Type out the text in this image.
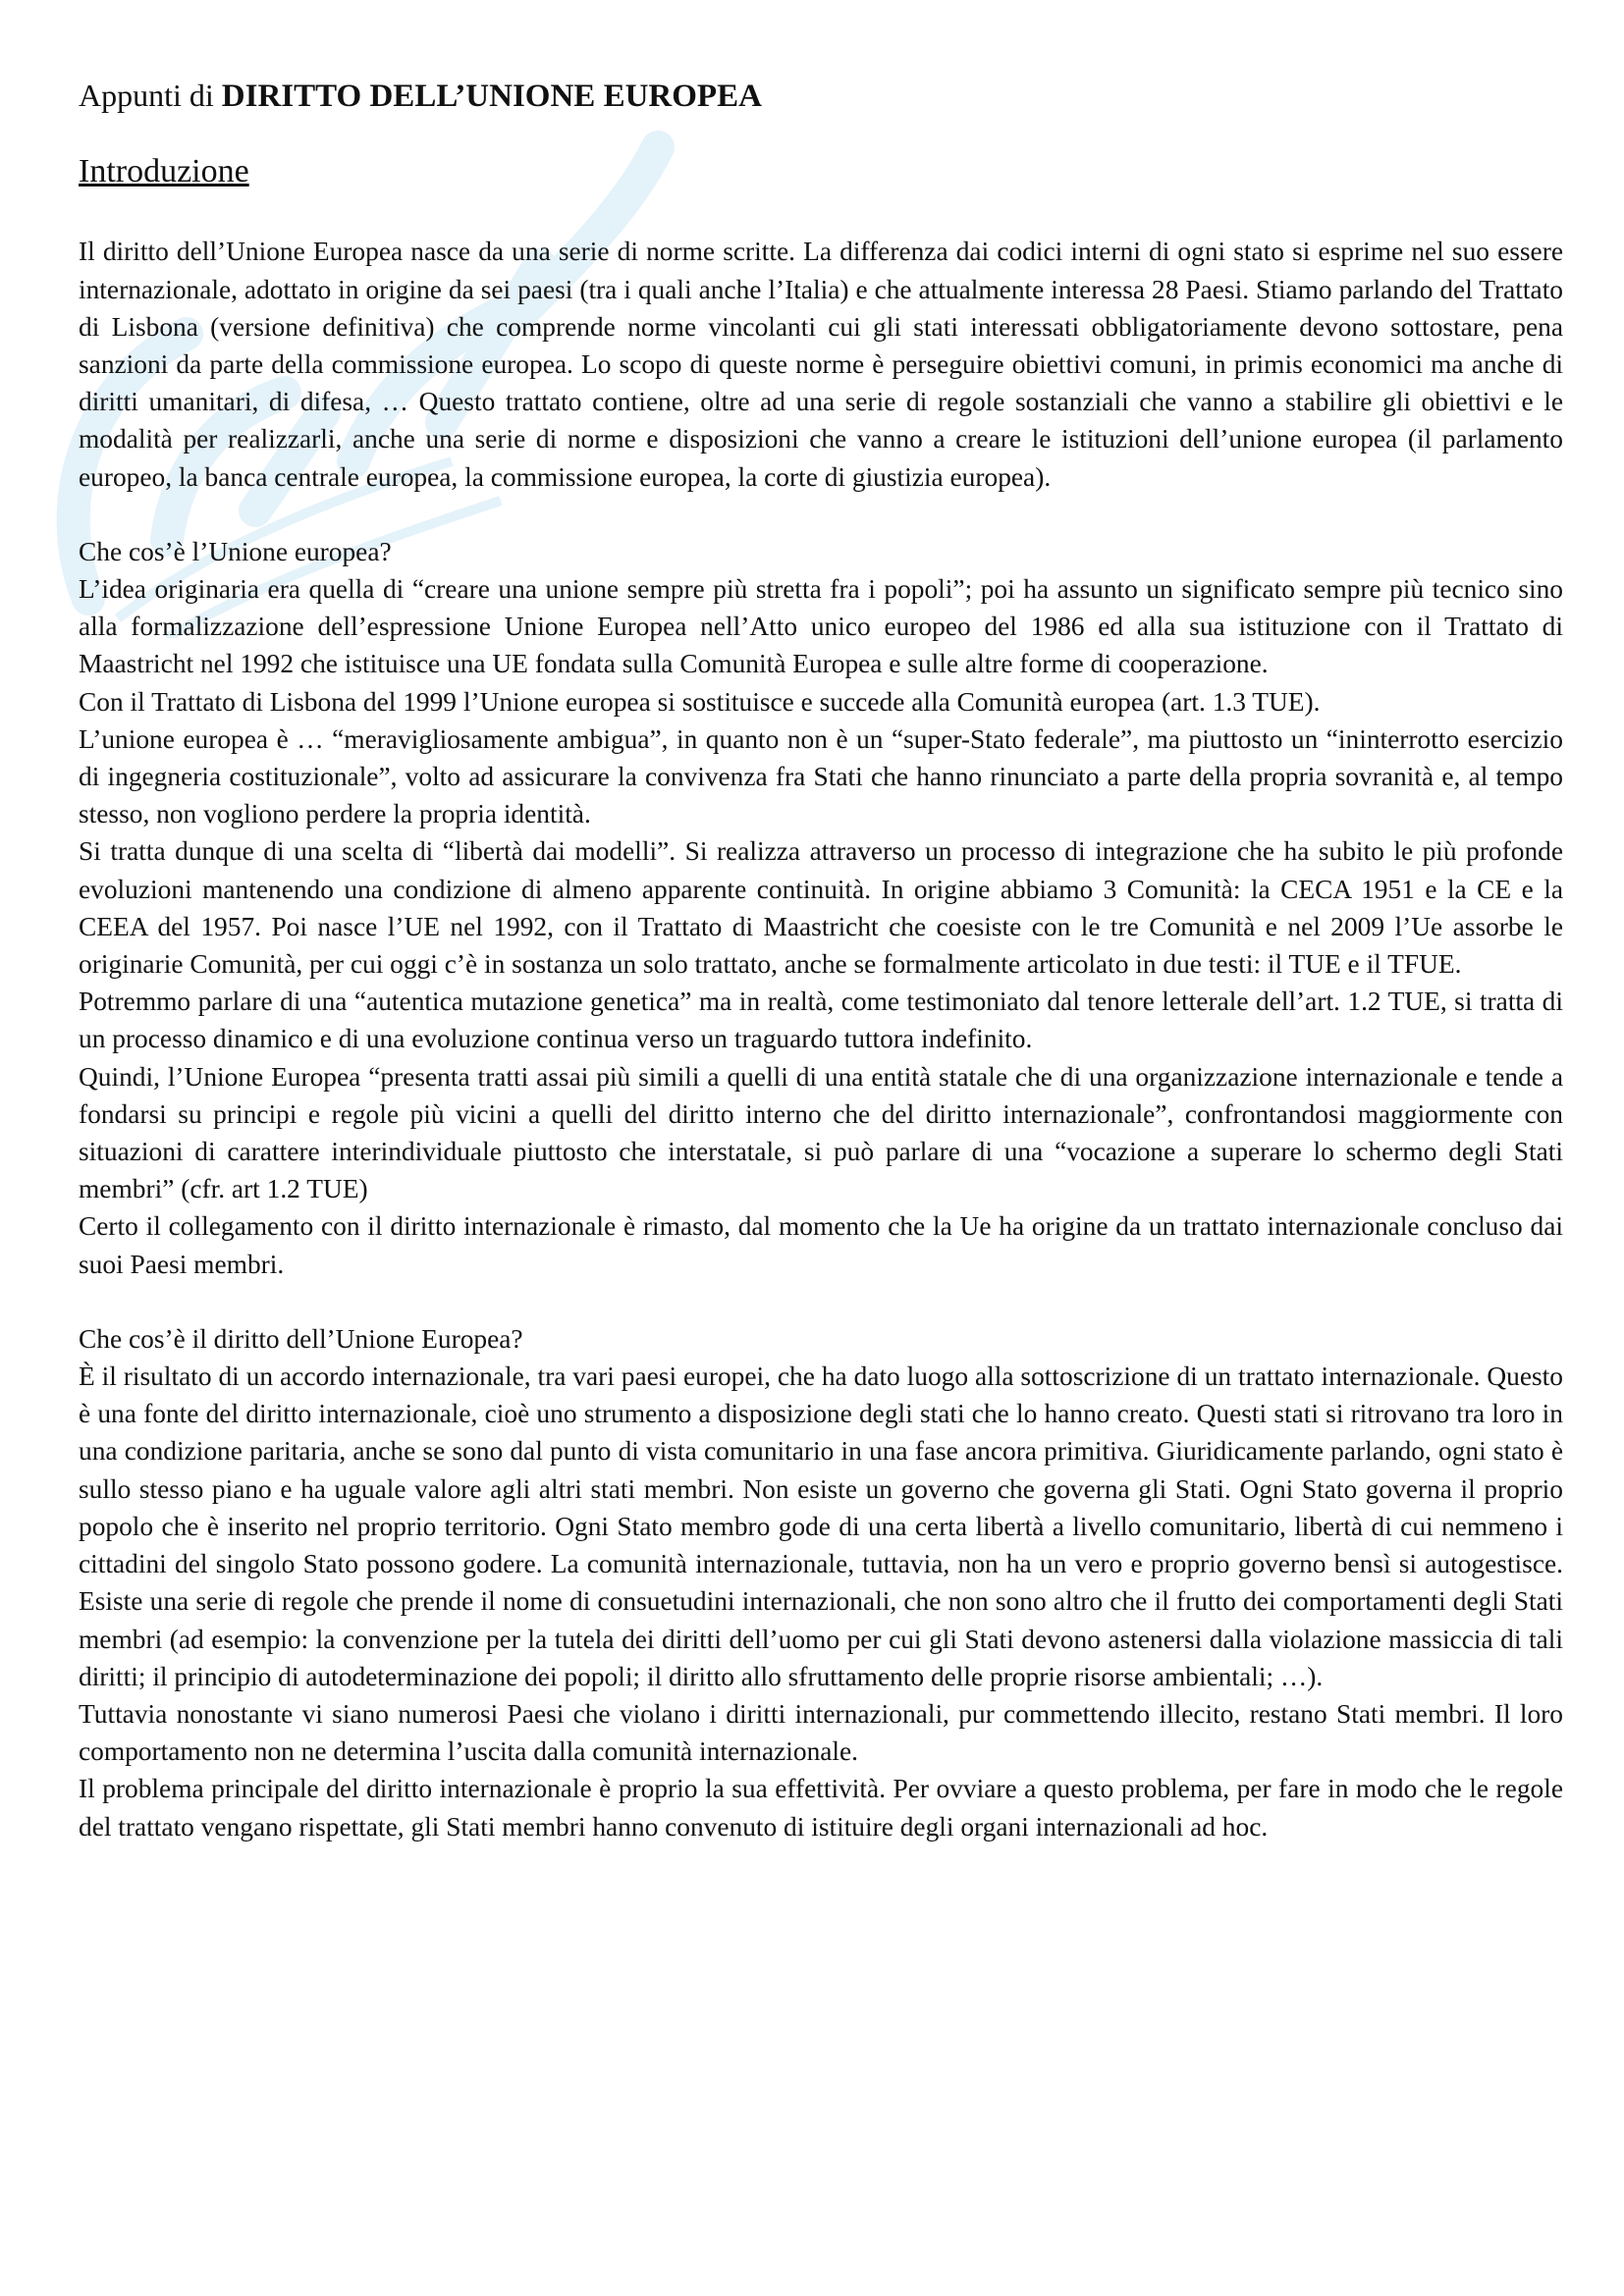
Appunti di DIRITTO DELL’UNIONE EUROPEA
Introduzione

Il diritto dell’Unione Europea nasce da una serie di norme scritte. La differenza dai codici interni di ogni stato si esprime nel suo essere internazionale, adottato in origine da sei paesi (tra i quali anche l’Italia) e che attualmente interessa 28 Paesi. Stiamo parlando del Trattato di Lisbona (versione definitiva) che comprende norme vincolanti cui gli stati interessati obbligatoriamente devono sottostare, pena sanzioni da parte della commissione europea. Lo scopo di queste norme è perseguire obiettivi comuni, in primis economici ma anche di diritti umanitari, di difesa, … Questo trattato contiene, oltre ad una serie di regole sostanziali che vanno a stabilire gli obiettivi e le modalità per realizzarli, anche una serie di norme e disposizioni che vanno a creare le istituzioni dell’unione europea (il parlamento europeo, la banca centrale europea, la commissione europea, la corte di giustizia europea).

Che cos’è l’Unione europea?

L’idea originaria era quella di “creare una unione sempre più stretta fra i popoli”; poi ha assunto un significato sempre più tecnico sino alla formalizzazione dell’espressione Unione Europea nell’Atto unico europeo del 1986 ed alla sua istituzione con il Trattato di Maastricht nel 1992 che istituisce una UE fondata sulla Comunità Europea e sulle altre forme di cooperazione.

Con il Trattato di Lisbona del 1999 l’Unione europea si sostituisce e succede alla Comunità europea (art. 1.3 TUE).

L’unione europea è … “meravigliosamente ambigua”, in quanto non è un “super-Stato federale”, ma piuttosto un “ininterrotto esercizio di ingegneria costituzionale”, volto ad assicurare la convivenza fra Stati che hanno rinunciato a parte della propria sovranità e, al tempo stesso, non vogliono perdere la propria identità.

Si tratta dunque di una scelta di “libertà dai modelli”. Si realizza attraverso un processo di integrazione che ha subito le più profonde evoluzioni mantenendo una condizione di almeno apparente continuità. In origine abbiamo 3 Comunità: la CECA 1951 e la CE e la CEEA del 1957. Poi nasce l’UE nel 1992, con il Trattato di Maastricht che coesiste con le tre Comunità e nel 2009 l’Ue assorbe le originarie Comunità, per cui oggi c’è in sostanza un solo trattato, anche se formalmente articolato in due testi: il TUE e il TFUE.

Potremmo parlare di una “autentica mutazione genetica” ma in realtà, come testimoniato dal tenore letterale dell’art. 1.2 TUE, si tratta di un processo dinamico e di una evoluzione continua verso un traguardo tuttora indefinito.

Quindi, l’Unione Europea “presenta tratti assai più simili a quelli di una entità statale che di una organizzazione internazionale e tende a fondarsi su principi e regole più vicini a quelli del diritto interno che del diritto internazionale”, confrontandosi maggiormente con situazioni di carattere interindividuale piuttosto che interstatale, si può parlare di una “vocazione a superare lo schermo degli Stati membri” (cfr. art 1.2 TUE)

Certo il collegamento con il diritto internazionale è rimasto, dal momento che la Ue ha origine da un trattato internazionale concluso dai suoi Paesi membri.

Che cos’è il diritto dell’Unione Europea?

È il risultato di un accordo internazionale, tra vari paesi europei, che ha dato luogo alla sottoscrizione di un trattato internazionale. Questo è una fonte del diritto internazionale, cioè uno strumento a disposizione degli stati che lo hanno creato. Questi stati si ritrovano tra loro in una condizione paritaria, anche se sono dal punto di vista comunitario in una fase ancora primitiva. Giuridicamente parlando, ogni stato è sullo stesso piano e ha uguale valore agli altri stati membri. Non esiste un governo che governa gli Stati. Ogni Stato governa il proprio popolo che è inserito nel proprio territorio. Ogni Stato membro gode di una certa libertà a livello comunitario, libertà di cui nemmeno i cittadini del singolo Stato possono godere. La comunità internazionale, tuttavia, non ha un vero e proprio governo bensì si autogestisce. Esiste una serie di regole che prende il nome di consuetudini internazionali, che non sono altro che il frutto dei comportamenti degli Stati membri (ad esempio: la convenzione per la tutela dei diritti dell’uomo per cui gli Stati devono astenersi dalla violazione massiccia di tali diritti; il principio di autodeterminazione dei popoli; il diritto allo sfruttamento delle proprie risorse ambientali; …).

Tuttavia nonostante vi siano numerosi Paesi che violano i diritti internazionali, pur commettendo illecito, restano Stati membri. Il loro comportamento non ne determina l’uscita dalla comunità internazionale.

Il problema principale del diritto internazionale è proprio la sua effettività. Per ovviare a questo problema, per fare in modo che le regole del trattato vengano rispettate, gli Stati membri hanno convenuto di istituire degli organi internazionali ad hoc.
